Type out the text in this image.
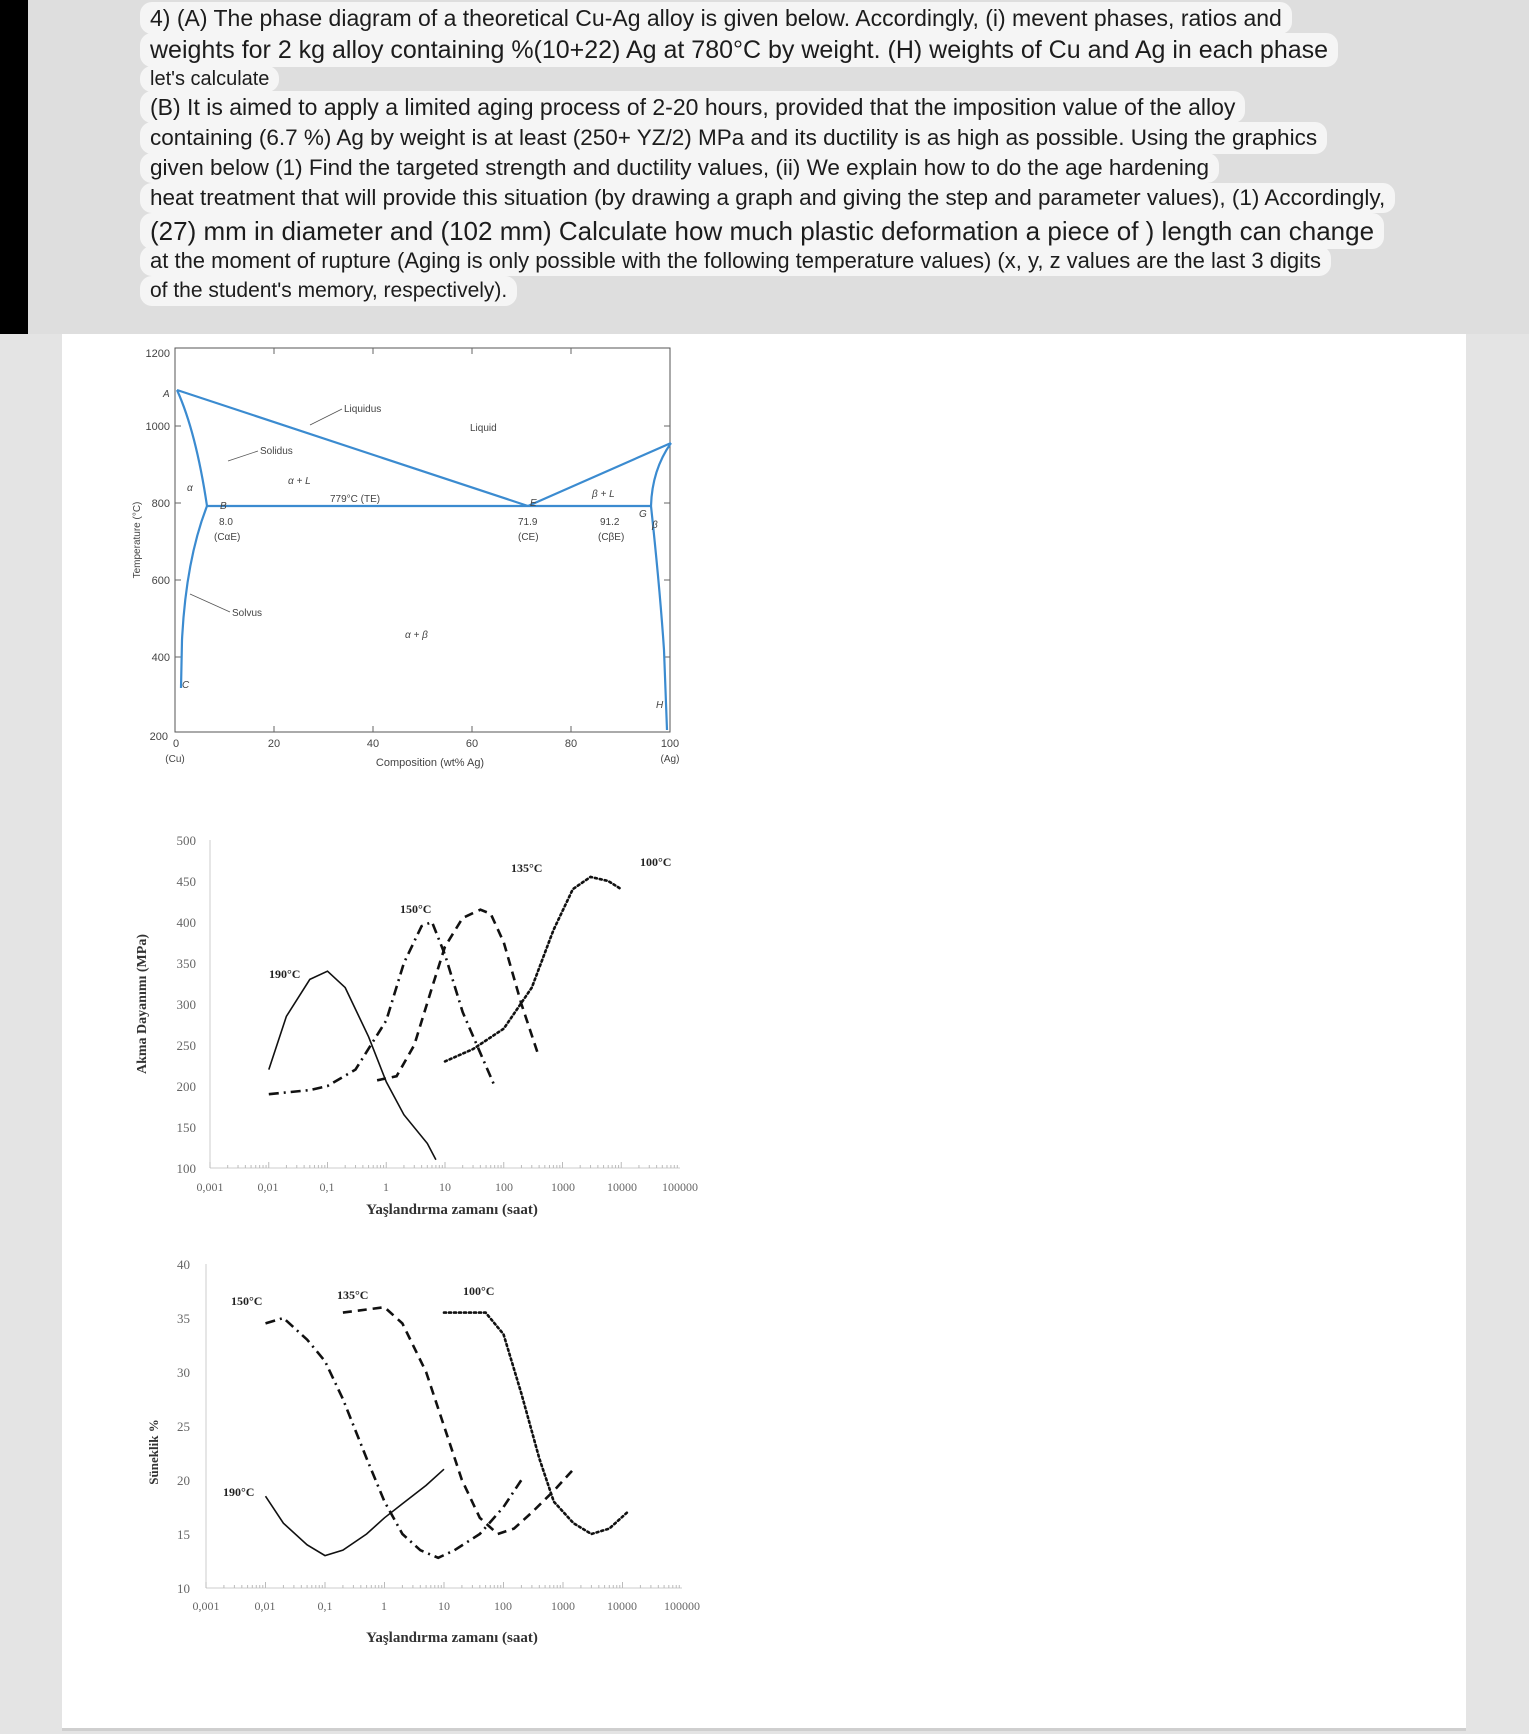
4) (A) The phase diagram of a theoretical Cu-Ag alloy is given below. Accordingly, (i) mevent phases, ratios and
weights for 2 kg alloy containing %(10+22) Ag at 780°C by weight. (H) weights of Cu and Ag in each phase
let's calculate
(B) It is aimed to apply a limited aging process of 2-20 hours, provided that the imposition value of the alloy
containing (6.7 %) Ag by weight is at least (250+ YZ/2) MPa and its ductility is as high as possible. Using the graphics
given below (1) Find the targeted strength and ductility values, (ii) We explain how to do the age hardening
heat treatment that will provide this situation (by drawing a graph and giving the step and parameter values), (1) Accordingly,
(27) mm in diameter and (102 mm) Calculate how much plastic deformation a piece of ) length can change
at the moment of rupture (Aging is only possible with the following temperature values) (x, y, z values are the last 3 digits
of the student's memory, respectively).
1200
1000
800
600
400
200
0	20	40	60	80	100
(Cu)	(Ag)
Composition (wt% Ag)
Temperature (°C)
A
Liquidus
Liquid
Solidus
α + L
779°C (TE)	β + L
G
α
B
8.0
(CαE)
E
71.9
(CE)
91.2
(CβE)
β
Solvus
α + β
C
H
500
450
400
350
300
250
200
150
100
0,001	0,01	0,1	1	10	100	1000	10000 100000
Yaşlandırma zamanı (saat)
Akma Dayanımı (MPa)	190°C
150°C
135°C	100°C
40
35
30
25
20
15
10
0,001	0,01	0,1	1	10	100	1000	10000 100000
Yaşlandırma zamanı (saat)
Süneklik %
190°C
150°C	135°C	100°C
